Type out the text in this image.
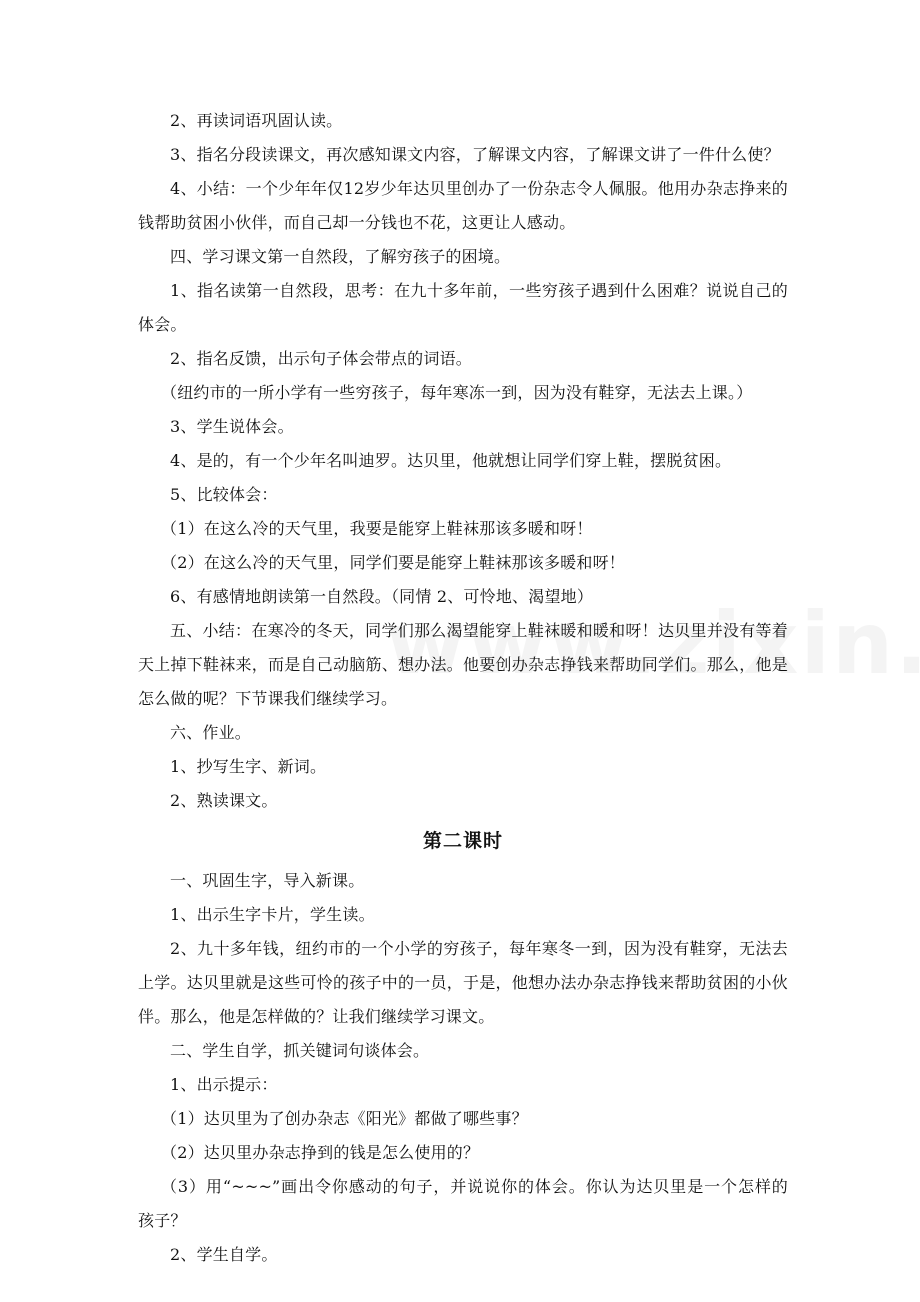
2、再读词语巩固认读。
3、指名分段读课文，再次感知课文内容，了解课文内容，了解课文讲了一件什么使？
4、小结：一个少年年仅12岁少年达贝里创办了一份杂志令人佩服。他用办杂志挣来的
钱帮助贫困小伙伴，而自己却一分钱也不花，这更让人感动。
四、学习课文第一自然段，了解穷孩子的困境。
1、指名读第一自然段，思考：在九十多年前，一些穷孩子遇到什么困难？说说自己的
体会。
2、指名反馈，出示句子体会带点的词语。
（纽约市的一所小学有一些穷孩子，每年寒冻一到，因为没有鞋穿，无法去上课。）
3、学生说体会。
4、是的，有一个少年名叫迪罗。达贝里，他就想让同学们穿上鞋，摆脱贫困。
5、比较体会：
（1）在这么冷的天气里，我要是能穿上鞋袜那该多暖和呀！
（2）在这么冷的天气里，同学们要是能穿上鞋袜那该多暖和呀！
6、有感情地朗读第一自然段。（同情 2、可怜地、渴望地）
五、小结：在寒冷的冬天，同学们那么渴望能穿上鞋袜暖和暖和呀！达贝里并没有等着
天上掉下鞋袜来，而是自己动脑筋、想办法。他要创办杂志挣钱来帮助同学们。那么，他是
怎么做的呢？下节课我们继续学习。
六、作业。
1、抄写生字、新词。
2、熟读课文。
第二课时
一、巩固生字，导入新课。
1、出示生字卡片，学生读。
2、九十多年钱，纽约市的一个小学的穷孩子，每年寒冬一到，因为没有鞋穿，无法去
上学。达贝里就是这些可怜的孩子中的一员，于是，他想办法办杂志挣钱来帮助贫困的小伙
伴。那么，他是怎样做的？让我们继续学习课文。
二、学生自学，抓关键词句谈体会。
1、出示提示：
（1）达贝里为了创办杂志《阳光》都做了哪些事？
（2）达贝里办杂志挣到的钱是怎么使用的？
（3）用“~~~”画出令你感动的句子，并说说你的体会。你认为达贝里是一个怎样的
孩子？
2、学生自学。
